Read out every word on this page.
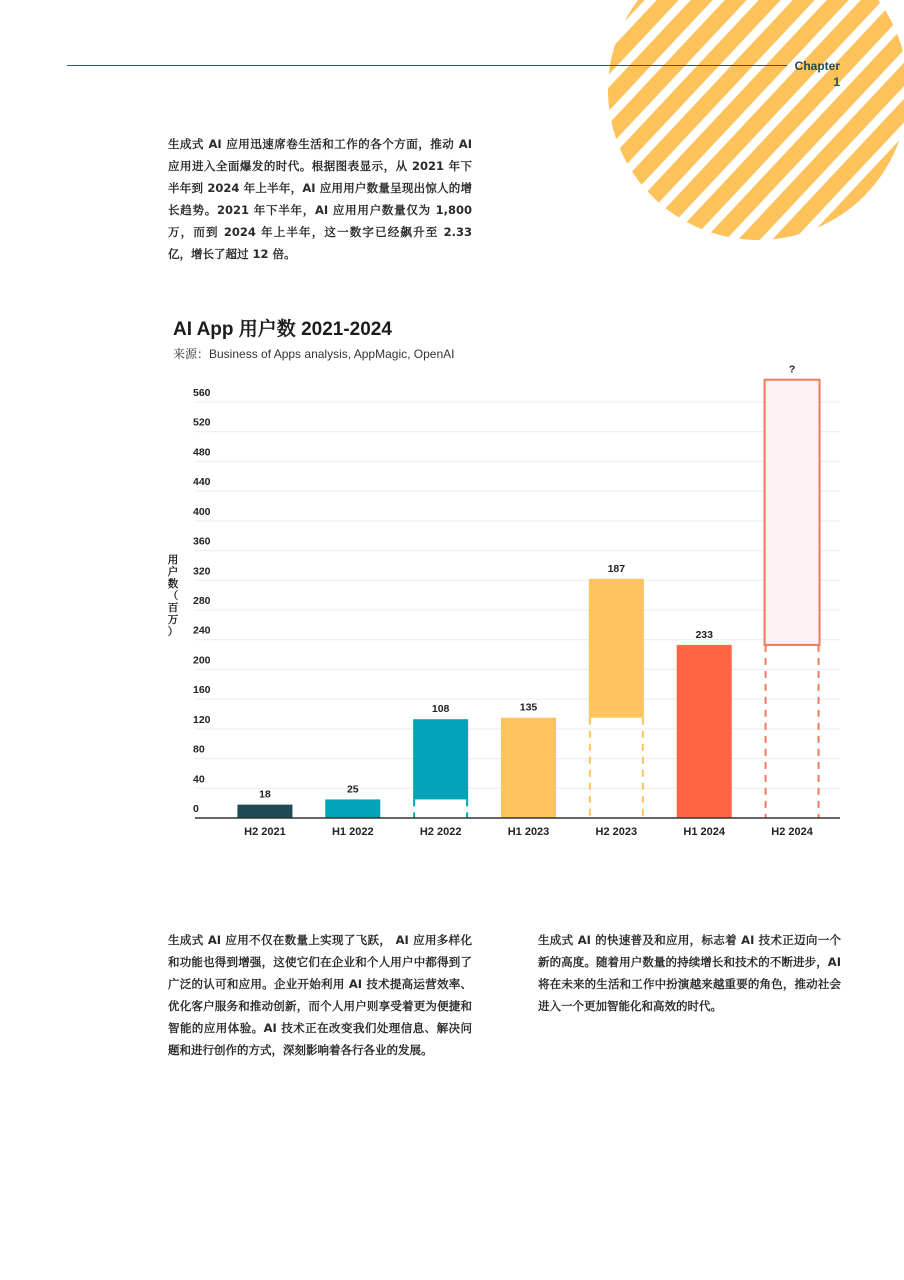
Chapter
1

生成式 AI 应用迅速席卷生活和工作的各个方面，推动 AI 应用进入全面爆发的时代。根据图表显示，从 2021 年下半年到 2024 年上半年，AI 应用用户数量呈现出惊人的增长趋势。2021 年下半年，AI 应用用户数量仅为 1,800 万，而到 2024 年上半年，这一数字已经飙升至 2.33 亿，增长了超过 12 倍。

AI App 用户数 2021-2024

来源：Business of Apps analysis, AppMagic, OpenAI

0
40
80
120
160
200
240
280
320
360
400
440
480
520
560
18	25
108	135
187
233
?
H2 2021	H1 2022	H2 2022	H1 2023	H2 2023	H1 2024	H2 2024
用户数（百万）

生成式 AI 应用不仅在数量上实现了飞跃， AI 应用多样化和功能也得到增强，这使它们在企业和个人用户中都得到了广泛的认可和应用。企业开始利用 AI 技术提高运营效率、优化客户服务和推动创新，而个人用户则享受着更为便捷和智能的应用体验。AI 技术正在改变我们处理信息、解决问题和进行创作的方式，深刻影响着各行各业的发展。

生成式 AI 的快速普及和应用，标志着 AI 技术正迈向一个新的高度。随着用户数量的持续增长和技术的不断进步，AI 将在未来的生活和工作中扮演越来越重要的角色，推动社会进入一个更加智能化和高效的时代。
